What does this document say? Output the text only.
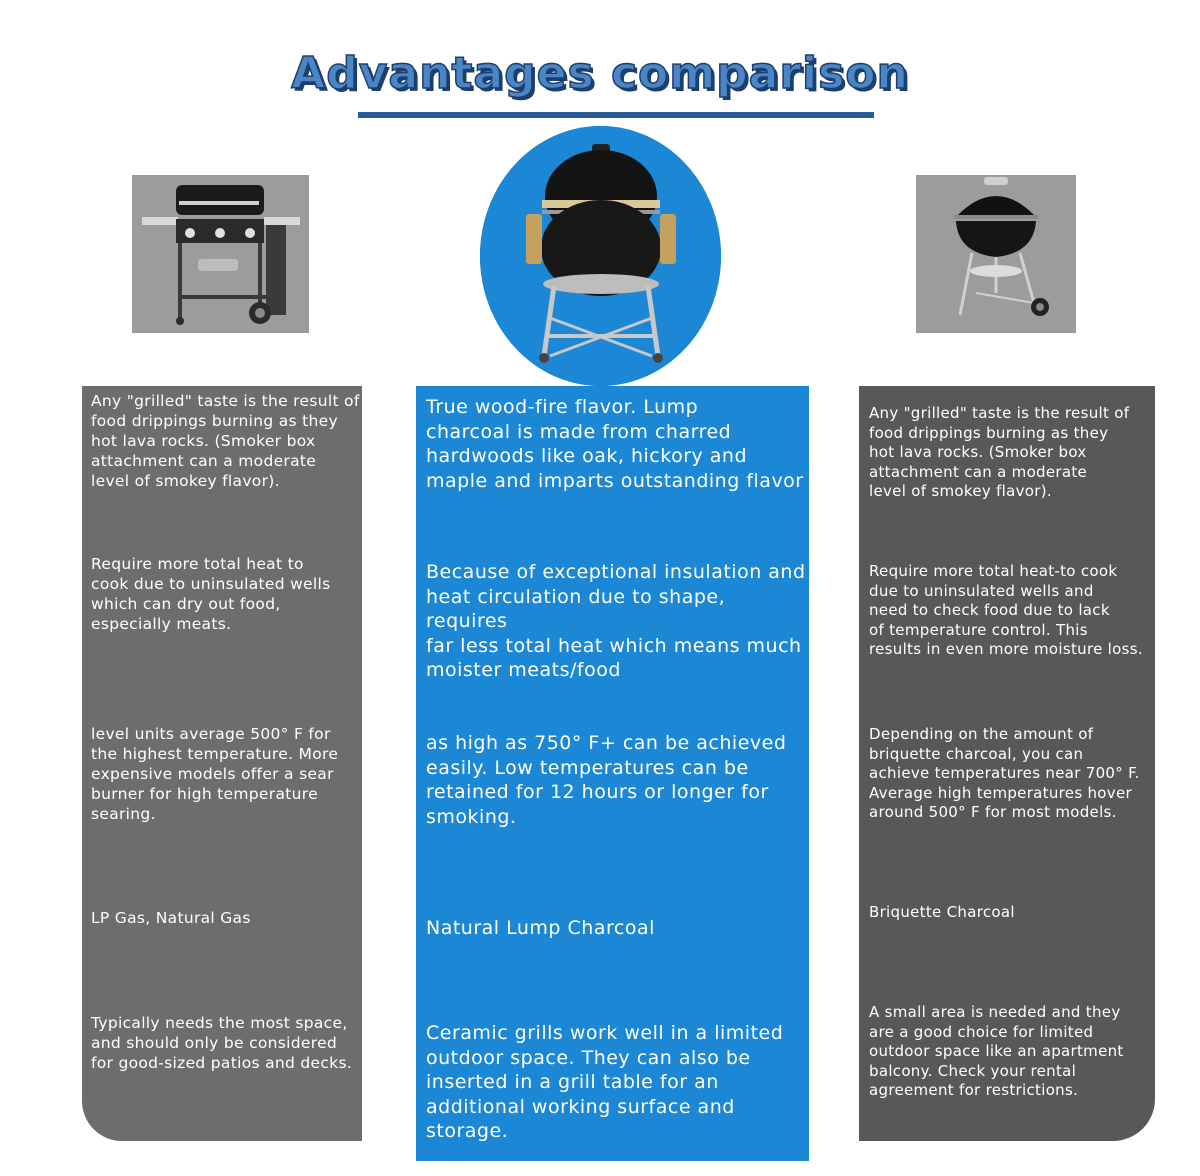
Advantages comparison

Any "grilled" taste is the result of
food drippings burning as they
hot lava rocks. (Smoker box
attachment can a moderate
level of smokey flavor).

Require more total heat to
cook due to uninsulated wells
which can dry out food,
especially meats.

level units average 500° F for
the highest temperature. More
expensive models offer a sear
burner for high temperature
searing.

LP Gas, Natural Gas

Typically needs the most space,
and should only be considered
for good-sized patios and decks.

True wood-fire flavor. Lump
charcoal is made from charred
hardwoods like oak, hickory and
maple and imparts outstanding flavor

Because of exceptional insulation and
heat circulation due to shape, requires
far less total heat which means much
moister meats/food

as high as 750° F+ can be achieved
easily. Low temperatures can be
retained for 12 hours or longer for
smoking.

Natural Lump Charcoal

Ceramic grills work well in a limited
outdoor space. They can also be
inserted in a grill table for an
additional working surface and
storage.

Any "grilled" taste is the result of
food drippings burning as they
hot lava rocks. (Smoker box
attachment can a moderate
level of smokey flavor).

Require more total heat-to cook
due to uninsulated wells and
need to check food due to lack
of temperature control. This
results in even more moisture loss.

Depending on the amount of
briquette charcoal, you can
achieve temperatures near 700° F.
Average high temperatures hover
around 500° F for most models.

Briquette Charcoal

A small area is needed and they
are a good choice for limited
outdoor space like an apartment
balcony. Check your rental
agreement for restrictions.
